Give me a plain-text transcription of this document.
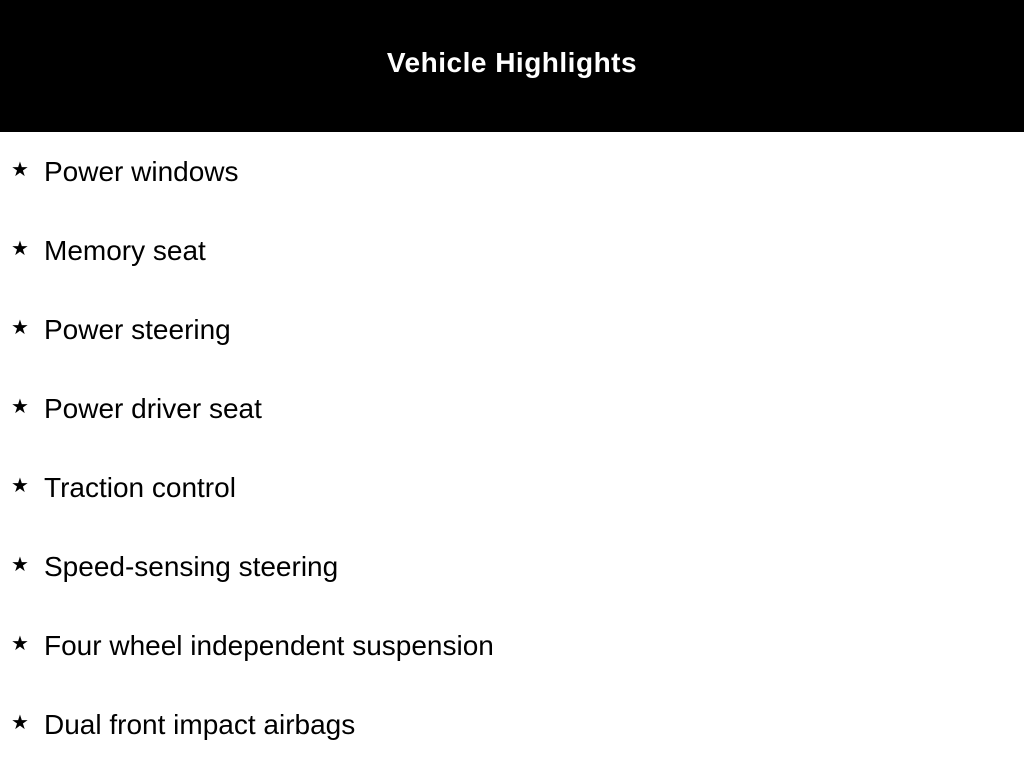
Vehicle Highlights
★ Power windows
★ Memory seat
★ Power steering
★ Power driver seat
★ Traction control
★ Speed-sensing steering
★ Four wheel independent suspension
★ Dual front impact airbags
